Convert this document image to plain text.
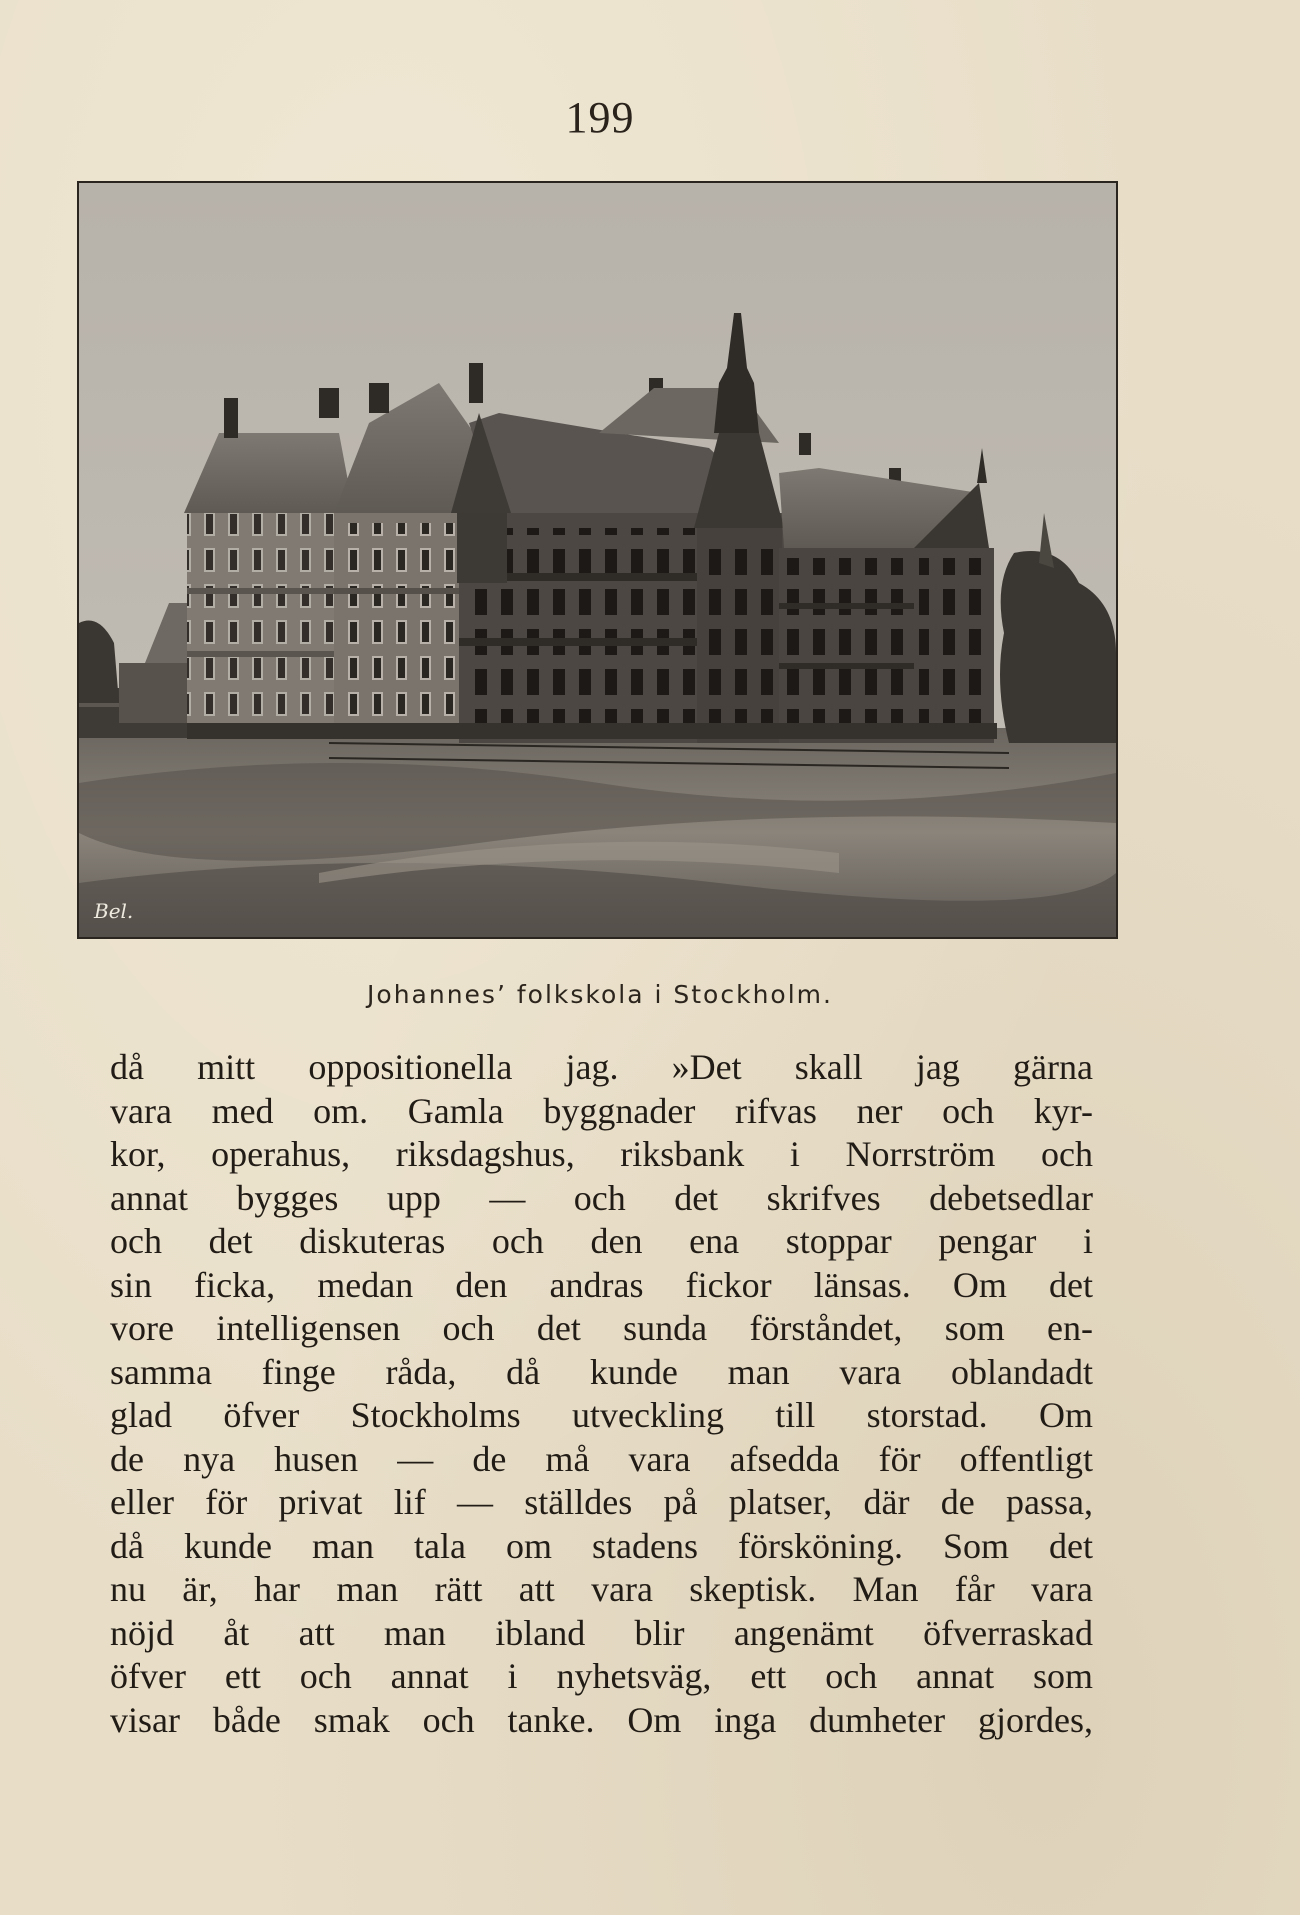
199
Bel.
Johannes’ folkskola i Stockholm.
då mitt oppositionella jag. »Det skall jag gärna
vara med om. Gamla byggnader rifvas ner och kyr-
kor, operahus, riksdagshus, riksbank i Norrström och
annat bygges upp — och det skrifves debetsedlar
och det diskuteras och den ena stoppar pengar i
sin ficka, medan den andras fickor länsas. Om det
vore intelligensen och det sunda förståndet, som en-
samma finge råda, då kunde man vara oblandadt
glad öfver Stockholms utveckling till storstad. Om
de nya husen — de må vara afsedda för offentligt
eller för privat lif — ställdes på platser, där de passa,
då kunde man tala om stadens försköning. Som det
nu är, har man rätt att vara skeptisk. Man får vara
nöjd åt att man ibland blir angenämt öfverraskad
öfver ett och annat i nyhetsväg, ett och annat som
visar både smak och tanke. Om inga dumheter gjordes,
